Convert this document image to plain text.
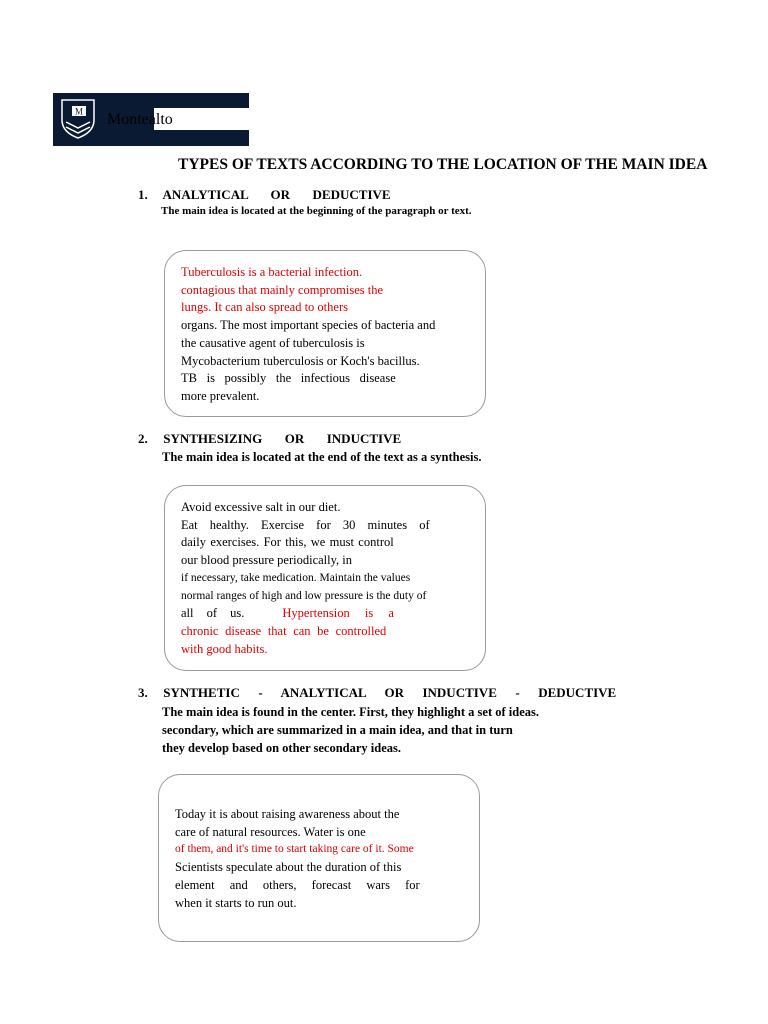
M Montealto
TYPES OF TEXTS ACCORDING TO THE LOCATION OF THE MAIN IDEA
1. ANALYTICAL OR DEDUCTIVE
The main idea is located at the beginning of the paragraph or text.
Tuberculosis is a bacterial infection.
contagious that mainly compromises the
lungs. It can also spread to others
organs. The most important species of bacteria and
the causative agent of tuberculosis is
Mycobacterium tuberculosis or Koch's bacillus.
TB is possibly the infectious disease
more prevalent.
2. SYNTHESIZING OR INDUCTIVE
The main idea is located at the end of the text as a synthesis.
Avoid excessive salt in our diet.
Eat healthy. Exercise for 30 minutes of
daily exercises. For this, we must control
our blood pressure periodically, in
if necessary, take medication. Maintain the values
normal ranges of high and low pressure is the duty of
all of us.	Hypertension is a
chronic disease that can be controlled
with good habits.
3. SYNTHETIC - ANALYTICAL OR INDUCTIVE - DEDUCTIVE
The main idea is found in the center. First, they highlight a set of ideas.
secondary, which are summarized in a main idea, and that in turn
they develop based on other secondary ideas.
Today it is about raising awareness about the
care of natural resources. Water is one
of them, and it's time to start taking care of it. Some
Scientists speculate about the duration of this
element and others, forecast wars for
when it starts to run out.
